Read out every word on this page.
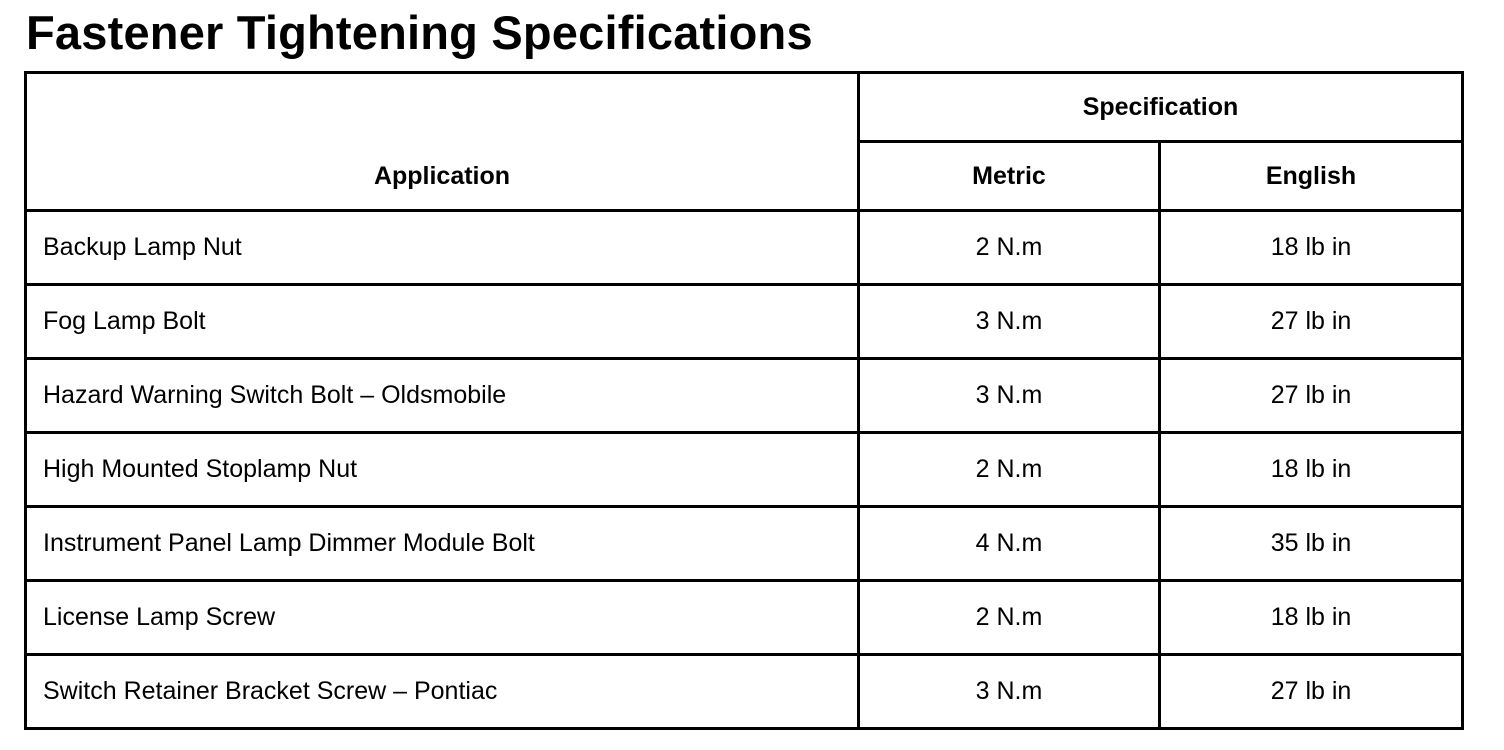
Fastener Tightening Specifications
Application	Specification	
	Metric	English
Backup Lamp Nut	2 N.m	18 lb in
Fog Lamp Bolt	3 N.m	27 lb in
Hazard Warning Switch Bolt – Oldsmobile	3 N.m	27 lb in
High Mounted Stoplamp Nut	2 N.m	18 lb in
Instrument Panel Lamp Dimmer Module Bolt	4 N.m	35 lb in
License Lamp Screw	2 N.m	18 lb in
Switch Retainer Bracket Screw – Pontiac	3 N.m	27 lb in
